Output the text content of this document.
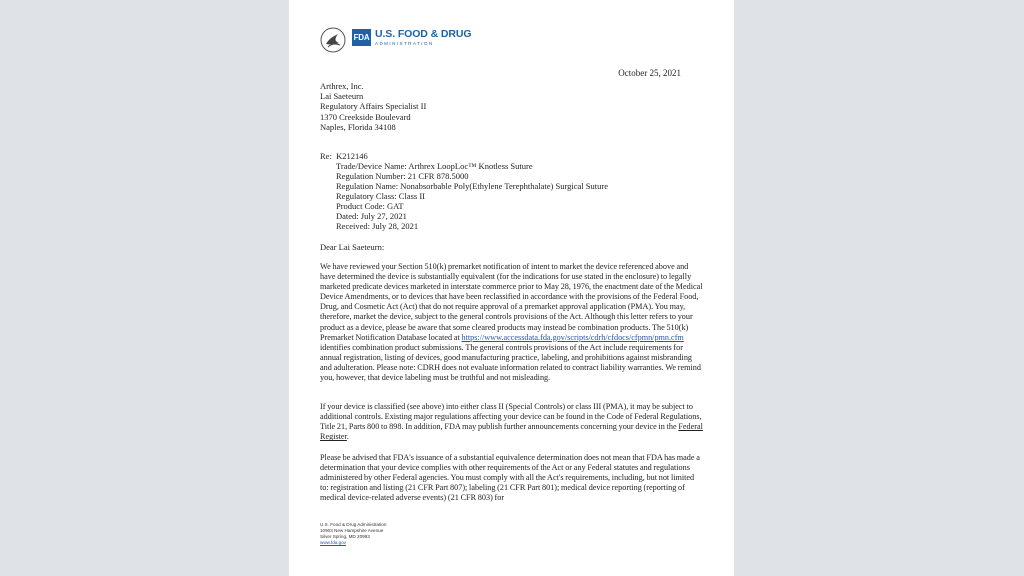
FDA U.S. FOOD & DRUG
ADMINISTRATION
October 25, 2021
Arthrex, Inc.
Lai Saeteurn
Regulatory Affairs Specialist II
1370 Creekside Boulevard
Naples, Florida 34108
Re: K212146
Trade/Device Name: Arthrex LoopLoc™ Knotless Suture
Regulation Number: 21 CFR 878.5000
Regulation Name: Nonabsorbable Poly(Ethylene Terephthalate) Surgical Suture
Regulatory Class: Class II
Product Code: GAT
Dated: July 27, 2021
Received: July 28, 2021
Dear Lai Saeteurn:
We have reviewed your Section 510(k) premarket notification of intent to market the device referenced above and have determined the device is substantially equivalent (for the indications for use stated in the enclosure) to legally marketed predicate devices marketed in interstate commerce prior to May 28, 1976, the enactment date of the Medical Device Amendments, or to devices that have been reclassified in accordance with the provisions of the Federal Food, Drug, and Cosmetic Act (Act) that do not require approval of a premarket approval application (PMA). You may, therefore, market the device, subject to the general controls provisions of the Act. Although this letter refers to your product as a device, please be aware that some cleared products may instead be combination products. The 510(k) Premarket Notification Database located at https://www.accessdata.fda.gov/scripts/cdrh/cfdocs/cfpmn/pmn.cfm identifies combination product submissions. The general controls provisions of the Act include requirements for annual registration, listing of devices, good manufacturing practice, labeling, and prohibitions against misbranding and adulteration. Please note: CDRH does not evaluate information related to contract liability warranties. We remind you, however, that device labeling must be truthful and not misleading.
If your device is classified (see above) into either class II (Special Controls) or class III (PMA), it may be subject to additional controls. Existing major regulations affecting your device can be found in the Code of Federal Regulations, Title 21, Parts 800 to 898. In addition, FDA may publish further announcements concerning your device in the Federal Register.
Please be advised that FDA's issuance of a substantial equivalence determination does not mean that FDA has made a determination that your device complies with other requirements of the Act or any Federal statutes and regulations administered by other Federal agencies. You must comply with all the Act's requirements, including, but not limited to: registration and listing (21 CFR Part 807); labeling (21 CFR Part 801); medical device reporting (reporting of medical device-related adverse events) (21 CFR 803) for
U.S. Food & Drug Administration
10903 New Hampshire Avenue
Silver Spring, MD 20993
www.fda.gov
